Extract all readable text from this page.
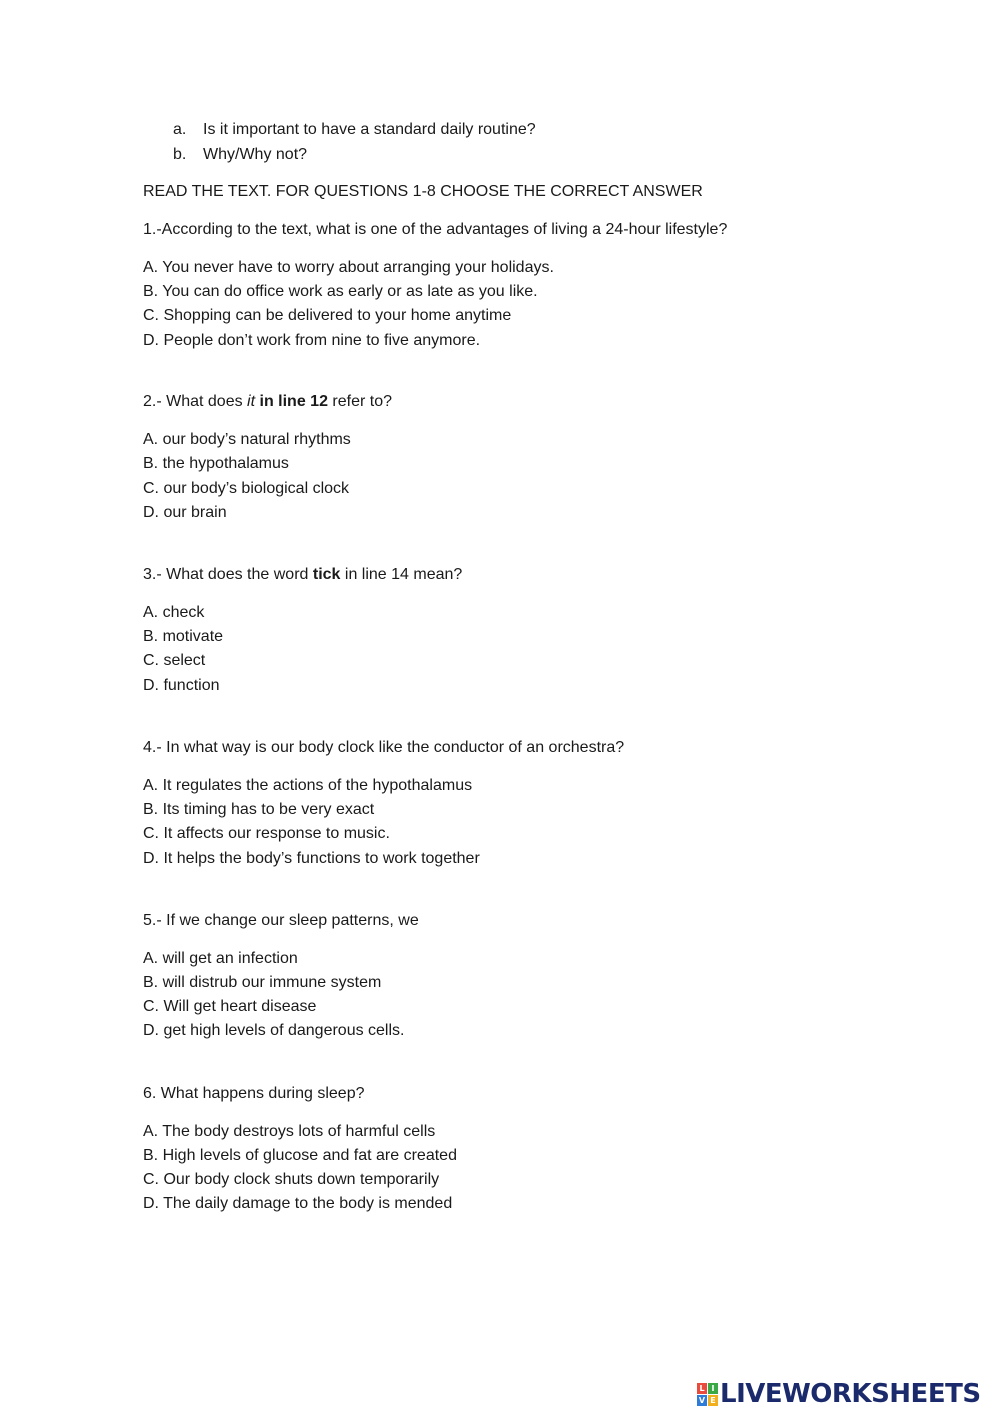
a. Is it important to have a standard daily routine?
b. Why/Why not?
READ THE TEXT. FOR QUESTIONS 1-8 CHOOSE THE CORRECT ANSWER
1.-According to the text, what is one of the advantages of living a 24-hour lifestyle?
A. You never have to worry about arranging your holidays.
B. You can do office work as early or as late as you like.
C. Shopping can be delivered to your home anytime
D. People don’t work from nine to five anymore.
2.- What does it in line 12 refer to?
A. our body’s natural rhythms
B. the hypothalamus
C. our body’s biological clock
D. our brain
3.- What does the word tick in line 14 mean?
A. check
B. motivate
C. select
D. function
4.- In what way is our body clock like the conductor of an orchestra?
A. It regulates the actions of the hypothalamus
B. Its timing has to be very exact
C. It affects our response to music.
D. It helps the body’s functions to work together
5.- If we change our sleep patterns, we
A. will get an infection
B. will distrub our immune system
C. Will get heart disease
D. get high levels of dangerous cells.
6. What happens during sleep?
A. The body destroys lots of harmful cells
B. High levels of glucose and fat are created
C. Our body clock shuts down temporarily
D. The daily damage to the body is mended
L I
V E LIVEWORKSHEETS
